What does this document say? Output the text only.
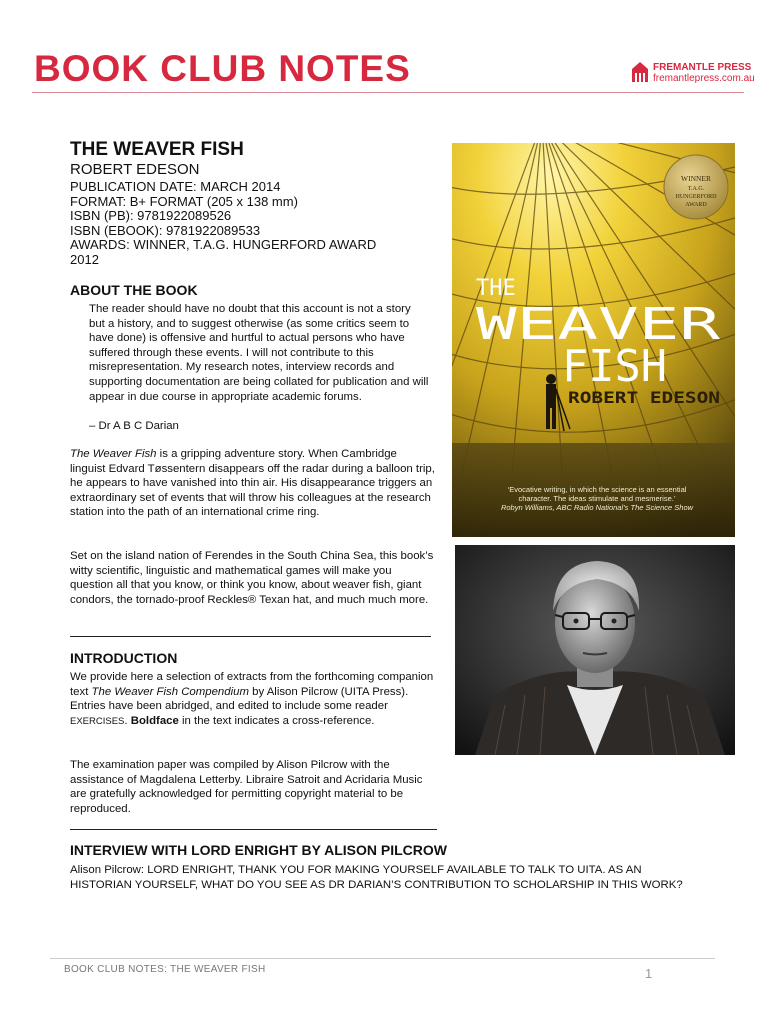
BOOK CLUB NOTES	FREMANTLE PRESS
fremantlepress.com.au
THE WEAVER FISH
ROBERT EDESON
PUBLICATION DATE: MARCH 2014
FORMAT: B+ FORMAT (205 x 138 mm)
ISBN (PB): 9781922089526
ISBN (EBOOK): 9781922089533
AWARDS: WINNER, T.A.G. HUNGERFORD AWARD
2012
ABOUT THE BOOK
The reader should have no doubt that this account is not a story but a history, and to suggest otherwise (as some critics seem to have done) is offensive and hurtful to actual persons who have suffered through these events. I will not contribute to this misrepresentation. My research notes, interview records and supporting documentation are being collated for publication and will appear in due course in appropriate academic forums.
– Dr A B C Darian
The Weaver Fish is a gripping adventure story. When Cambridge linguist Edvard Tøssentern disappears off the radar during a balloon trip, he appears to have vanished into thin air. His disappearance triggers an extraordinary set of events that will throw his colleagues at the research station into the path of an international crime ring.
Set on the island nation of Ferendes in the South China Sea, this book’s witty scientific, linguistic and mathematical games will make you question all that you know, or think you know, about weaver fish, giant condors, the tornado-proof Reckles® Texan hat, and much much more.
INTRODUCTION
We provide here a selection of extracts from the forthcoming companion text The Weaver Fish Compendium by Alison Pilcrow (UITA Press). Entries have been abridged, and edited to include some reader EXERCISES. Boldface in the text indicates a cross-reference.
The examination paper was compiled by Alison Pilcrow with the assistance of Magdalena Letterby. Libraire Satroit and Acridaria Music are gratefully acknowledged for permitting copyright material to be reproduced.
INTERVIEW WITH LORD ENRIGHT BY ALISON PILCROW
Alison Pilcrow: LORD ENRIGHT, THANK YOU FOR MAKING YOURSELF AVAILABLE TO TALK TO UITA. AS AN HISTORIAN YOURSELF, WHAT DO YOU SEE AS DR DARIAN’S CONTRIBUTION TO SCHOLARSHIP IN THIS WORK?
WINNER
T.A.G.
HUNGERFORD
AWARD
THE
WEAVER
FISH
ROBERT EDESON
‘Evocative writing, in which the science is an essential character. The ideas stimulate and mesmerise.’
Robyn Williams, ABC Radio National’s The Science Show
BOOK CLUB NOTES: THE WEAVER FISH	1
